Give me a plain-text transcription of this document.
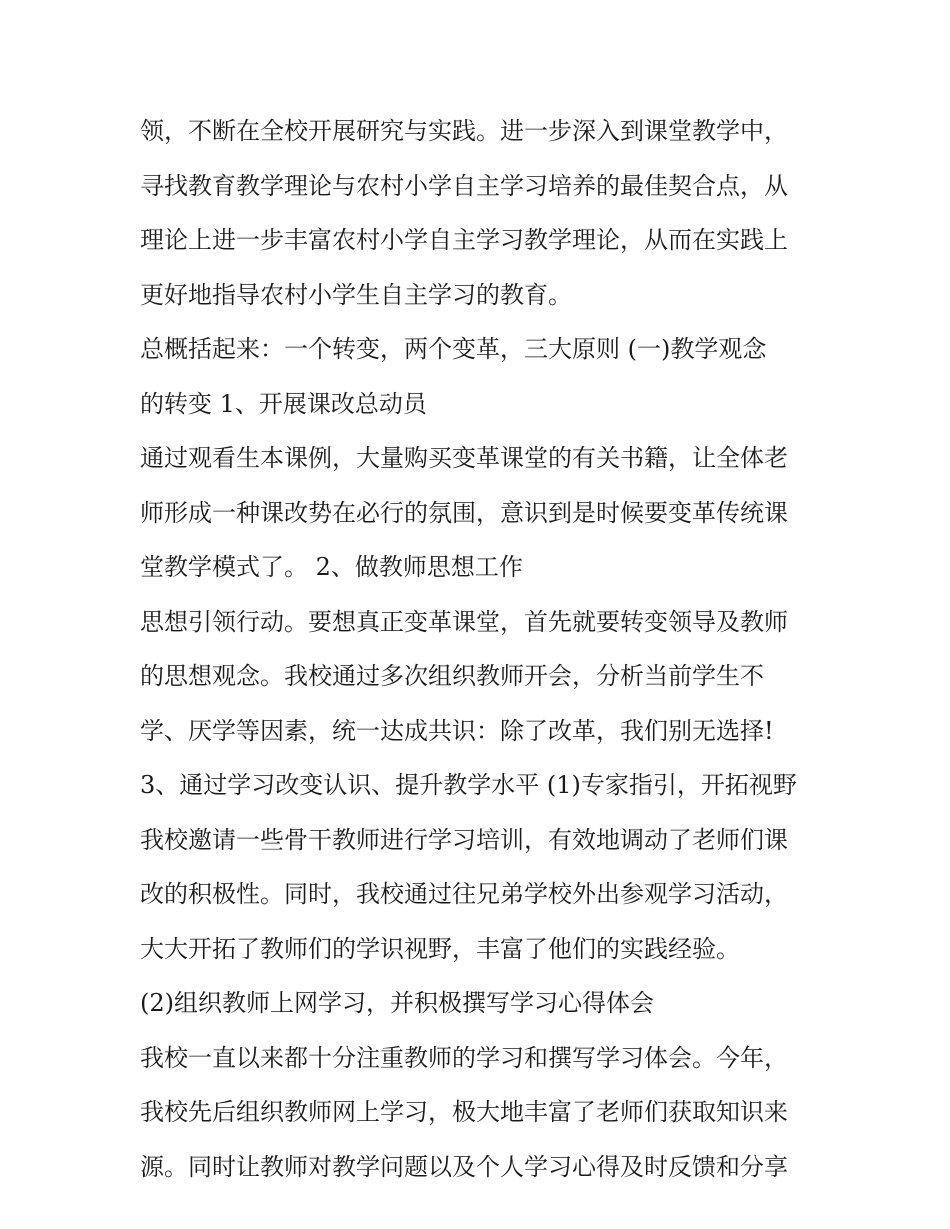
领，不断在全校开展研究与实践。进一步深入到课堂教学中，
寻找教育教学理论与农村小学自主学习培养的最佳契合点，从
理论上进一步丰富农村小学自主学习教学理论，从而在实践上
更好地指导农村小学生自主学习的教育。
总概括起来：一个转变，两个变革，三大原则 (一)教学观念
的转变 1、开展课改总动员
通过观看生本课例，大量购买变革课堂的有关书籍，让全体老
师形成一种课改势在必行的氛围，意识到是时候要变革传统课
堂教学模式了。 2、做教师思想工作
思想引领行动。要想真正变革课堂，首先就要转变领导及教师
的思想观念。我校通过多次组织教师开会，分析当前学生不
学、厌学等因素，统一达成共识：除了改革，我们别无选择!
3、通过学习改变认识、提升教学水平 (1)专家指引，开拓视野
我校邀请一些骨干教师进行学习培训，有效地调动了老师们课
改的积极性。同时，我校通过往兄弟学校外出参观学习活动，
大大开拓了教师们的学识视野，丰富了他们的实践经验。
(2)组织教师上网学习，并积极撰写学习心得体会
我校一直以来都十分注重教师的学习和撰写学习体会。今年，
我校先后组织教师网上学习，极大地丰富了老师们获取知识来
源。同时让教师对教学问题以及个人学习心得及时反馈和分享
